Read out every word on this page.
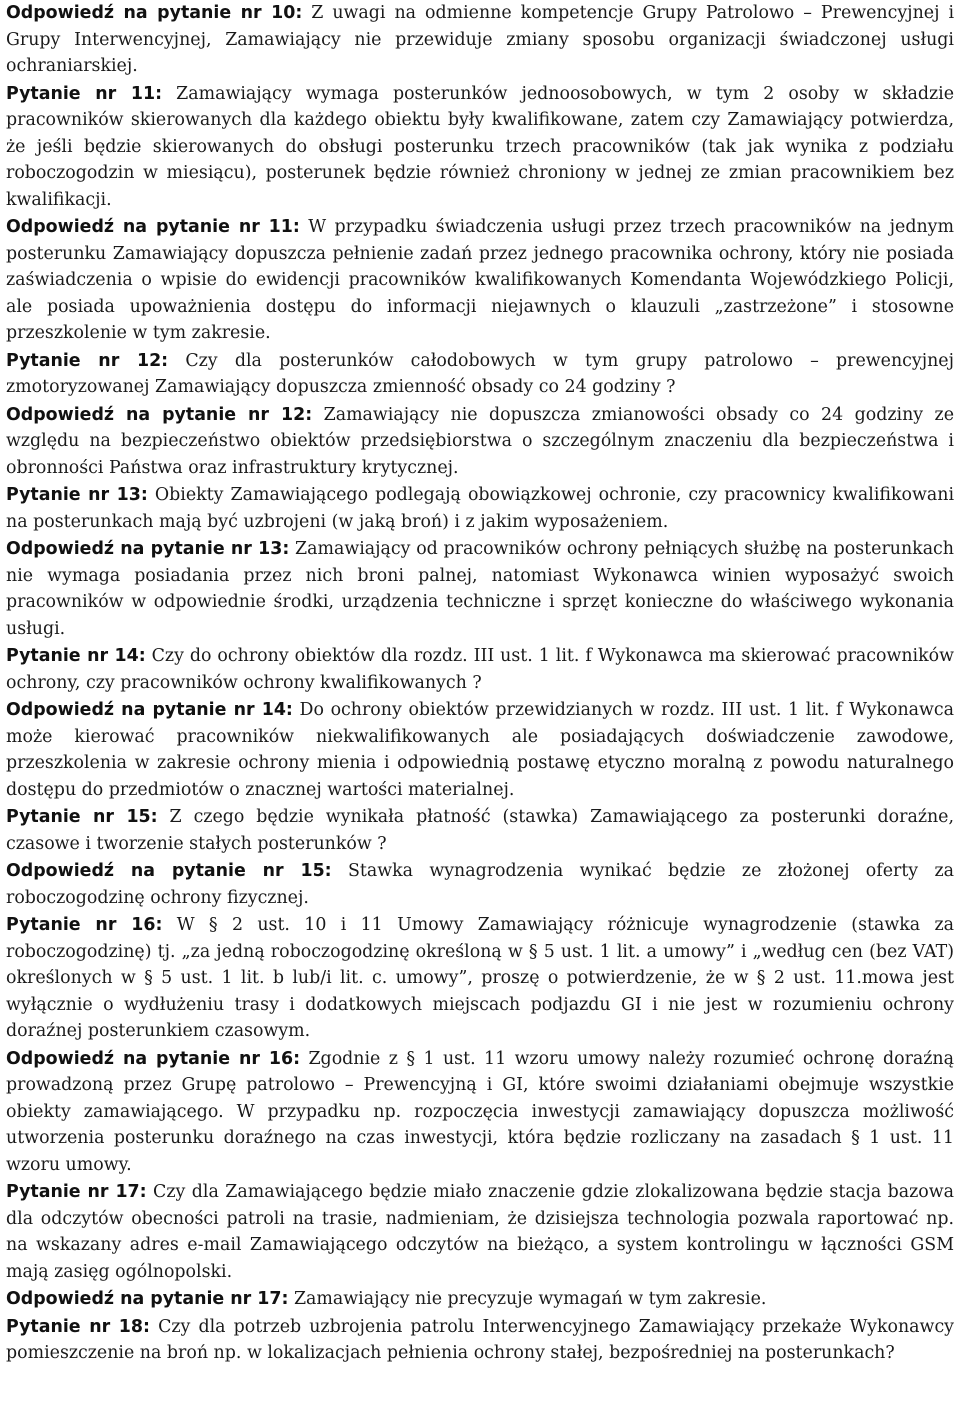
Odpowiedź na pytanie nr 10: Z uwagi na odmienne kompetencje Grupy Patrolowo – Prewencyjnej i Grupy Interwencyjnej, Zamawiający nie przewiduje zmiany sposobu organizacji świadczonej usługi ochraniarskiej.

Pytanie nr 11: Zamawiający wymaga posterunków jednoosobowych, w tym 2 osoby w składzie pracowników skierowanych dla każdego obiektu były kwalifikowane, zatem czy Zamawiający potwierdza, że jeśli będzie skierowanych do obsługi posterunku trzech pracowników (tak jak wynika z podziału roboczogodzin w miesiącu), posterunek będzie również chroniony w jednej ze zmian pracownikiem bez kwalifikacji.

Odpowiedź na pytanie nr 11: W przypadku świadczenia usługi przez trzech pracowników na jednym posterunku Zamawiający dopuszcza pełnienie zadań przez jednego pracownika ochrony, który nie posiada zaświadczenia o wpisie do ewidencji pracowników kwalifikowanych Komendanta Wojewódzkiego Policji, ale posiada upoważnienia dostępu do informacji niejawnych o klauzuli „zastrzeżone” i stosowne przeszkolenie w tym zakresie.

Pytanie nr 12: Czy dla posterunków całodobowych w tym grupy patrolowo – prewencyjnej zmotoryzowanej Zamawiający dopuszcza zmienność obsady co 24 godziny ?

Odpowiedź na pytanie nr 12: Zamawiający nie dopuszcza zmianowości obsady co 24 godziny ze względu na bezpieczeństwo obiektów przedsiębiorstwa o szczególnym znaczeniu dla bezpieczeństwa i obronności Państwa oraz infrastruktury krytycznej.

Pytanie nr 13: Obiekty Zamawiającego podlegają obowiązkowej ochronie, czy pracownicy kwalifikowani na posterunkach mają być uzbrojeni (w jaką broń) i z jakim wyposażeniem.

Odpowiedź na pytanie nr 13: Zamawiający od pracowników ochrony pełniących służbę na posterunkach nie wymaga posiadania przez nich broni palnej, natomiast Wykonawca winien wyposażyć swoich pracowników w odpowiednie środki, urządzenia techniczne i sprzęt konieczne do właściwego wykonania usługi.

Pytanie nr 14: Czy do ochrony obiektów dla rozdz. III ust. 1 lit. f Wykonawca ma skierować pracowników ochrony, czy pracowników ochrony kwalifikowanych ?

Odpowiedź na pytanie nr 14: Do ochrony obiektów przewidzianych w rozdz. III ust. 1 lit. f Wykonawca może kierować pracowników niekwalifikowanych ale posiadających doświadczenie zawodowe, przeszkolenia w zakresie ochrony mienia i odpowiednią postawę etyczno moralną z powodu naturalnego dostępu do przedmiotów o znacznej wartości materialnej.

Pytanie nr 15: Z czego będzie wynikała płatność (stawka) Zamawiającego za posterunki doraźne, czasowe i tworzenie stałych posterunków ?

Odpowiedź na pytanie nr 15: Stawka wynagrodzenia wynikać będzie ze złożonej oferty za roboczogodzinę ochrony fizycznej.

Pytanie nr 16: W § 2 ust. 10 i 11 Umowy Zamawiający różnicuje wynagrodzenie (stawka za roboczogodzinę) tj. „za jedną roboczogodzinę określoną w § 5 ust. 1 lit. a umowy” i „według cen (bez VAT) określonych w § 5 ust. 1 lit. b lub/i lit. c. umowy”, proszę o potwierdzenie, że w § 2 ust. 11.mowa jest wyłącznie o wydłużeniu trasy i dodatkowych miejscach podjazdu GI i nie jest w rozumieniu ochrony doraźnej posterunkiem czasowym.

Odpowiedź na pytanie nr 16: Zgodnie z § 1 ust. 11 wzoru umowy należy rozumieć ochronę doraźną prowadzoną przez Grupę patrolowo – Prewencyjną i GI, które swoimi działaniami obejmuje wszystkie obiekty zamawiającego. W przypadku np. rozpoczęcia inwestycji zamawiający dopuszcza możliwość utworzenia posterunku doraźnego na czas inwestycji, która będzie rozliczany na zasadach § 1 ust. 11 wzoru umowy.

Pytanie nr 17: Czy dla Zamawiającego będzie miało znaczenie gdzie zlokalizowana będzie stacja bazowa dla odczytów obecności patroli na trasie, nadmieniam, że dzisiejsza technologia pozwala raportować np. na wskazany adres e-mail Zamawiającego odczytów na bieżąco, a system kontrolingu w łączności GSM mają zasięg ogólnopolski.

Odpowiedź na pytanie nr 17: Zamawiający nie precyzuje wymagań w tym zakresie.

Pytanie nr 18: Czy dla potrzeb uzbrojenia patrolu Interwencyjnego Zamawiający przekaże Wykonawcy pomieszczenie na broń np. w lokalizacjach pełnienia ochrony stałej, bezpośredniej na posterunkach?
